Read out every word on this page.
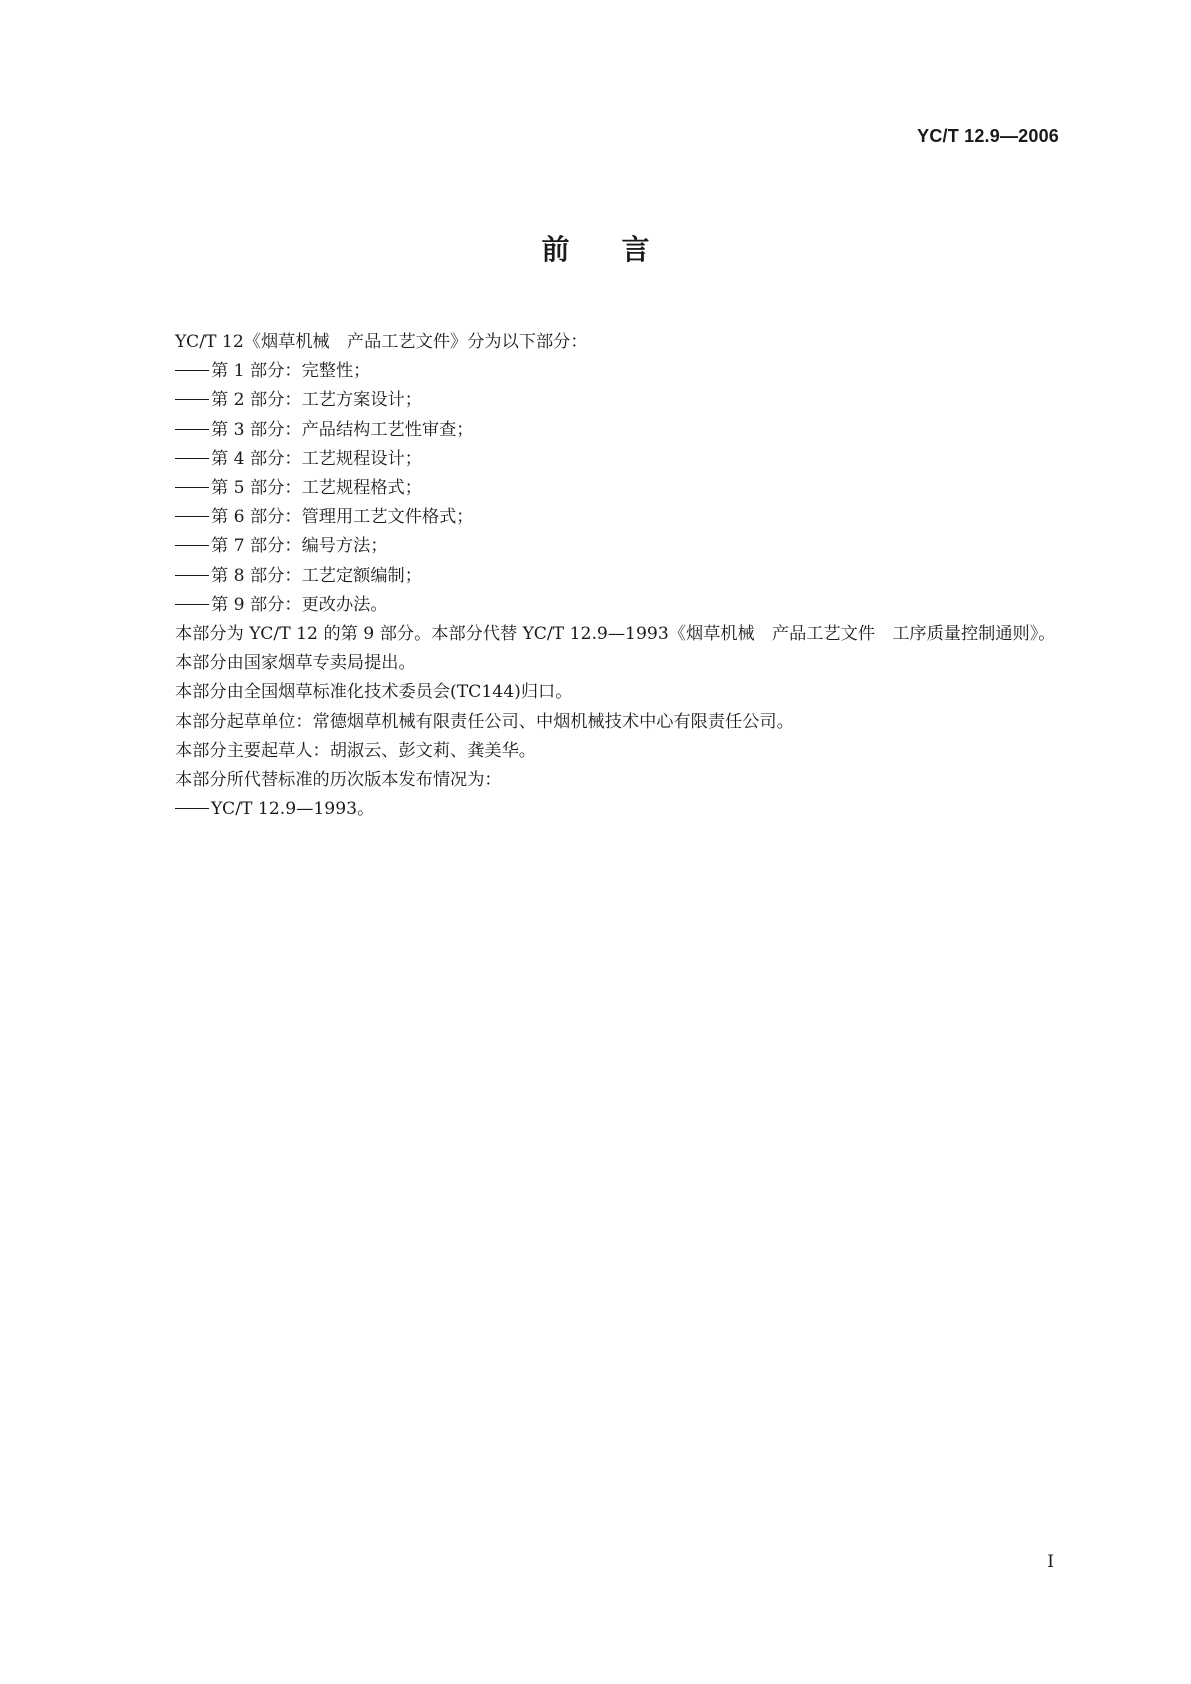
YC/T 12.9—2006
前 言

YC/T 12《烟草机械　产品工艺文件》分为以下部分：

第 1 部分：完整性；

第 2 部分：工艺方案设计；

第 3 部分：产品结构工艺性审查；

第 4 部分：工艺规程设计；

第 5 部分：工艺规程格式；

第 6 部分：管理用工艺文件格式；

第 7 部分：编号方法；

第 8 部分：工艺定额编制；

第 9 部分：更改办法。

本部分为 YC/T 12 的第 9 部分。本部分代替 YC/T 12.9—1993《烟草机械　产品工艺文件　工序质量控制通则》。

本部分由国家烟草专卖局提出。

本部分由全国烟草标准化技术委员会(TC144)归口。

本部分起草单位：常德烟草机械有限责任公司、中烟机械技术中心有限责任公司。

本部分主要起草人：胡淑云、彭文莉、龚美华。

本部分所代替标准的历次版本发布情况为：

YC/T 12.9—1993。

I
